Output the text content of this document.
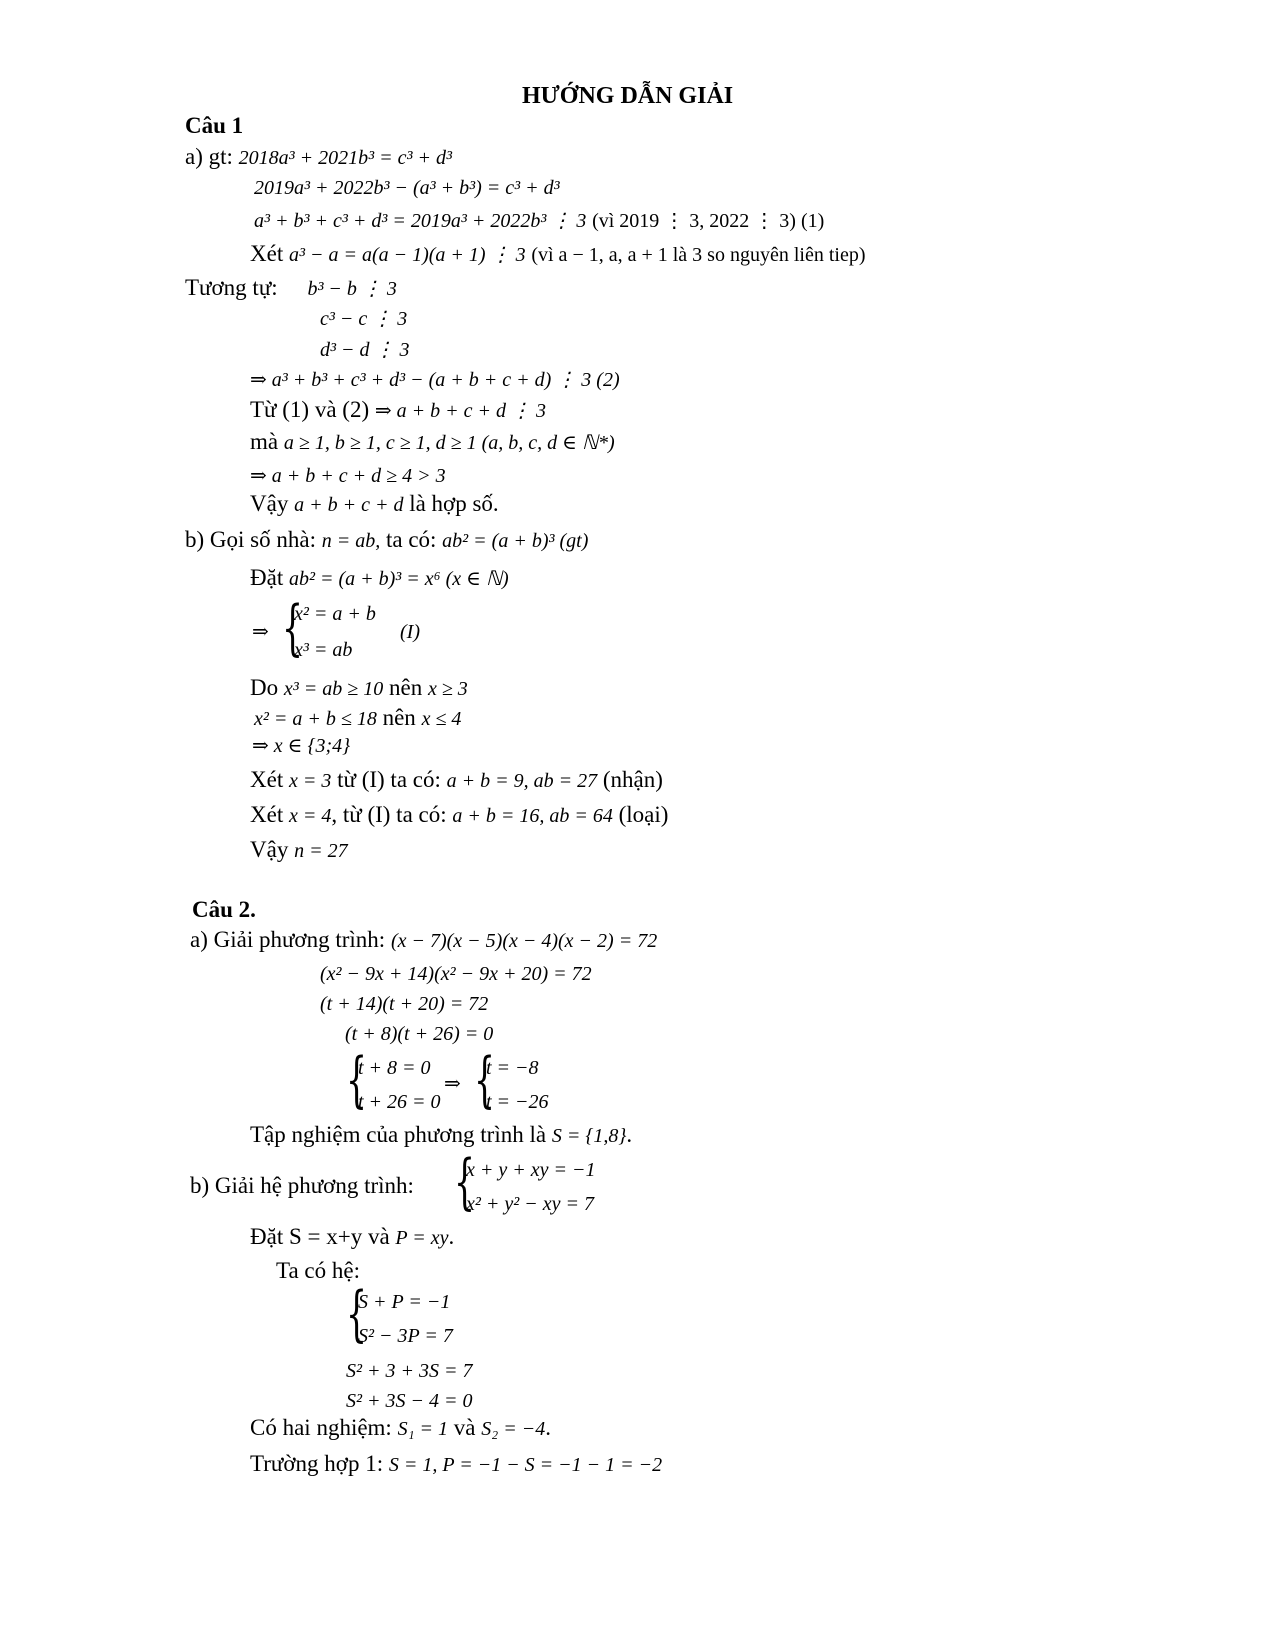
HƯỚNG DẪN GIẢI
Câu 1
a) gt: 2018a³ + 2021b³ = c³ + d³
2019a³ + 2022b³ − (a³ + b³) = c³ + d³
a³ + b³ + c³ + d³ = 2019a³ + 2022b³ ⋮ 3 (vì 2019 ⋮ 3, 2022 ⋮ 3) (1)
Xét a³ − a = a(a − 1)(a + 1) ⋮ 3 (vì a − 1, a, a + 1 là 3 so nguyên liên tiep)
Tương tự: b³ − b ⋮ 3
c³ − c ⋮ 3
d³ − d ⋮ 3
⇒ a³ + b³ + c³ + d³ − (a + b + c + d) ⋮ 3 (2)
Từ (1) và (2) ⇒ a + b + c + d ⋮ 3
mà a ≥ 1, b ≥ 1, c ≥ 1, d ≥ 1 (a, b, c, d ∈ ℕ*)
⇒ a + b + c + d ≥ 4 > 3
Vậy a + b + c + d là hợp số.
b) Gọi số nhà: n = ab, ta có: ab² = (a + b)³ (gt)
Đặt ab² = (a + b)³ = x⁶ (x ∈ ℕ)
⇒ {
x² = a + b
x³ = ab
(I)
Do x³ = ab ≥ 10 nên x ≥ 3
x² = a + b ≤ 18 nên x ≤ 4
⇒ x ∈ {3;4}
Xét x = 3 từ (I) ta có: a + b = 9, ab = 27 (nhận)
Xét x = 4, từ (I) ta có: a + b = 16, ab = 64 (loại)
Vậy n = 27
Câu 2.
a) Giải phương trình: (x − 7)(x − 5)(x − 4)(x − 2) = 72
(x² − 9x + 14)(x² − 9x + 20) = 72
(t + 14)(t + 20) = 72
(t + 8)(t + 26) = 0
{
t + 8 = 0
t + 26 = 0
⇒ {
t = −8
t = −26
Tập nghiệm của phương trình là S = {1,8}.
b) Giải hệ phương trình: {
x + y + xy = −1
x² + y² − xy = 7
Đặt S = x+y và P = xy.
Ta có hệ:
{
S + P = −1
S² − 3P = 7
S² + 3 + 3S = 7
S² + 3S − 4 = 0
Có hai nghiệm: S₁ = 1 và S₂ = −4.
Trường hợp 1: S = 1, P = −1 − S = −1 − 1 = −2
